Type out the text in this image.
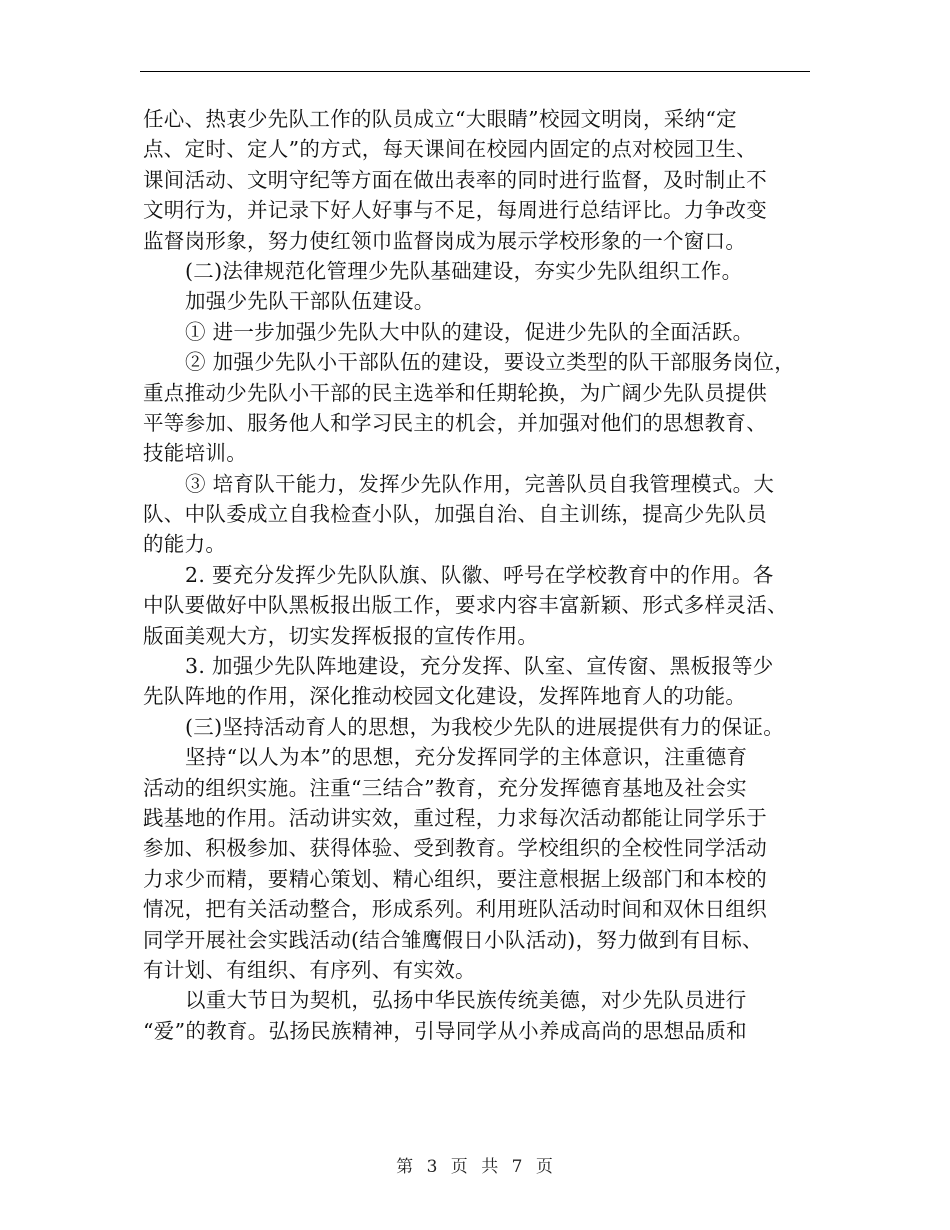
任心、热衷少先队工作的队员成立“大眼睛”校园文明岗，采纳“定
点、定时、定人”的方式，每天课间在校园内固定的点对校园卫生、
课间活动、文明守纪等方面在做出表率的同时进行监督，及时制止不
文明行为，并记录下好人好事与不足，每周进行总结评比。力争改变
监督岗形象，努力使红领巾监督岗成为展示学校形象的一个窗口。
(二)法律规范化管理少先队基础建设，夯实少先队组织工作。
加强少先队干部队伍建设。
① 进一步加强少先队大中队的建设，促进少先队的全面活跃。
② 加强少先队小干部队伍的建设，要设立类型的队干部服务岗位，
重点推动少先队小干部的民主选举和任期轮换，为广阔少先队员提供
平等参加、服务他人和学习民主的机会，并加强对他们的思想教育、
技能培训。
③ 培育队干能力，发挥少先队作用，完善队员自我管理模式。大
队、中队委成立自我检查小队，加强自治、自主训练，提高少先队员
的能力。
2. 要充分发挥少先队队旗、队徽、呼号在学校教育中的作用。各
中队要做好中队黑板报出版工作，要求内容丰富新颖、形式多样灵活、
版面美观大方，切实发挥板报的宣传作用。
3. 加强少先队阵地建设，充分发挥、队室、宣传窗、黑板报等少
先队阵地的作用，深化推动校园文化建设，发挥阵地育人的功能。
(三)坚持活动育人的思想，为我校少先队的进展提供有力的保证。
坚持“以人为本”的思想，充分发挥同学的主体意识，注重德育
活动的组织实施。注重“三结合”教育，充分发挥德育基地及社会实
践基地的作用。活动讲实效，重过程，力求每次活动都能让同学乐于
参加、积极参加、获得体验、受到教育。学校组织的全校性同学活动
力求少而精，要精心策划、精心组织，要注意根据上级部门和本校的
情况，把有关活动整合，形成系列。利用班队活动时间和双休日组织
同学开展社会实践活动(结合雏鹰假日小队活动)，努力做到有目标、
有计划、有组织、有序列、有实效。
以重大节日为契机，弘扬中华民族传统美德，对少先队员进行
“爱”的教育。弘扬民族精神，引导同学从小养成高尚的思想品质和
第 3 页 共 7 页
